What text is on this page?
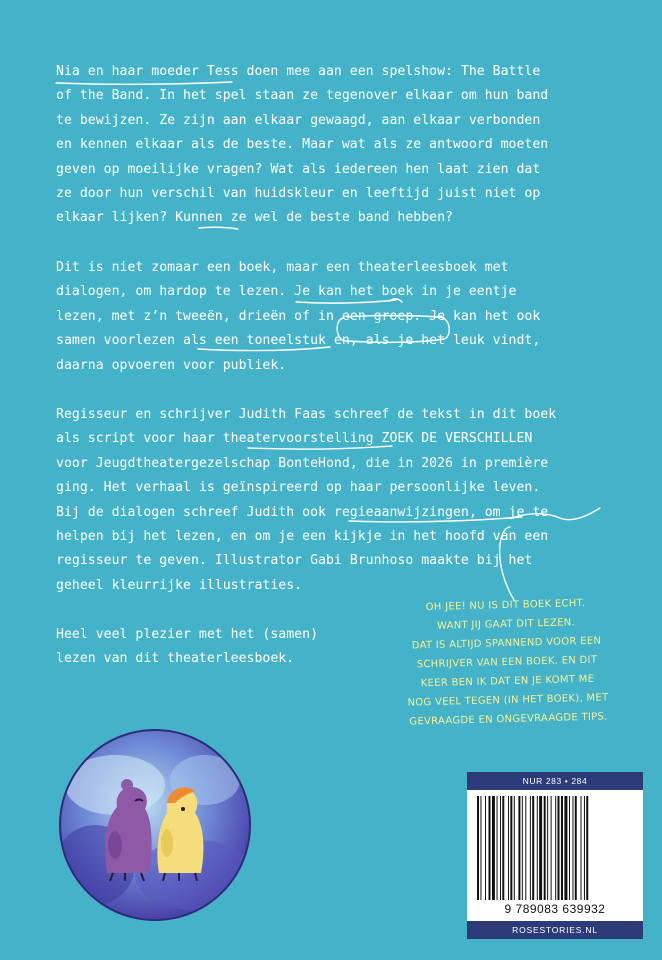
Nia en haar moeder Tess doen mee aan een spelshow: The Battle
of the Band. In het spel staan ze tegenover elkaar om hun band
te bewijzen. Ze zijn aan elkaar gewaagd, aan elkaar verbonden
en kennen elkaar als de beste. Maar wat als ze antwoord moeten
geven op moeilijke vragen? Wat als iedereen hen laat zien dat
ze door hun verschil van huidskleur en leeftijd juist niet op
elkaar lijken? Kunnen ze wel de beste band hebben?
Dit is niet zomaar een boek, maar een theaterleesboek met
dialogen, om hardop te lezen. Je kan het boek in je eentje
lezen, met z’n tweeën, drieën of in een groep. Je kan het ook
samen voorlezen als een toneelstuk en, als je het leuk vindt,
daarna opvoeren voor publiek.
Regisseur en schrijver Judith Faas schreef de tekst in dit boek
als script voor haar theatervoorstelling ZOEK DE VERSCHILLEN
voor Jeugdtheatergezelschap BonteHond, die in 2026 in première
ging. Het verhaal is geïnspireerd op haar persoonlijke leven.
Bij de dialogen schreef Judith ook regieaanwijzingen, om je te
helpen bij het lezen, en om je een kijkje in het hoofd van een
regisseur te geven. Illustrator Gabi Brunhoso maakte bij het
geheel kleurrijke illustraties.
Heel veel plezier met het (samen)
lezen van dit theaterleesboek.
OH JEE! NU IS DIT BOEK ECHT.
WANT JIJ GAAT DIT LEZEN.
DAT IS ALTIJD SPANNEND VOOR EEN
SCHRIJVER VAN EEN BOEK. EN DIT
KEER BEN IK DAT EN JE KOMT ME
NOG VEEL TEGEN (IN HET BOEK), MET
GEVRAAGDE EN ONGEVRAAGDE TIPS.
NUR 283 • 284
9 789083 639932
ROSESTORIES.NL
